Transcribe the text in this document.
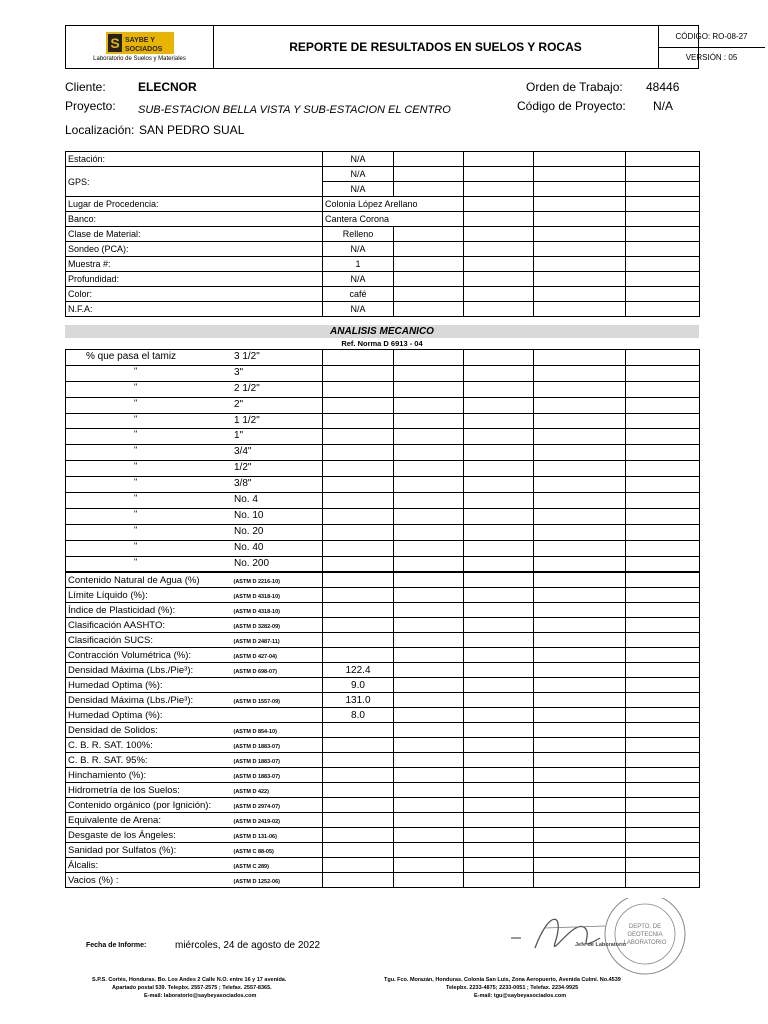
S SAYBE Y
SOCIADOS
Laboratorio de Suelos y Materiales
REPORTE DE RESULTADOS EN SUELOS Y ROCAS
CÓDIGO: RO-08-27
VERSIÓN : 05
Cliente:	ELECNOR
Proyecto: SUB-ESTACION BELLA VISTA Y SUB-ESTACION EL CENTRO
Localización: SAN PEDRO SUAL
Orden de Trabajo: 48446
Código de Proyecto: N/A
Estación:	N/A				
GPS:	N/A				
	N/A				
Lugar de Procedencia:	Colonia López Arellano				
Banco:	Cantera Corona				
Clase de Material:	Relleno				
Sondeo (PCA):	N/A				
Muestra #:	1				
Profundidad:	N/A				
Color:	café				
N.F.A:	N/A				
ANALISIS MECANICO
Ref. Norma D 6913 - 04
% que pasa el tamiz 3 1/2"					

" 3"					

" 2 1/2"					

" 2"					

" 1 1/2"					

" 1"					

" 3/4"					

" 1/2"					

" 3/8"					

" No. 4					

" No. 10					

" No. 20					

" No. 40					

" No. 200					

Contenido Natural de Agua (%)	(ASTM D 2216-10)					
Límite Líquido (%):	(ASTM D 4318-10)					
Índice de Plasticidad (%):	(ASTM D 4318-10)					
Clasificación AASHTO:	(ASTM D 3282-09)					
Clasificación SUCS:	(ASTM D 2487-11)					
Contracción Volumétrica (%):	(ASTM D 427-04)					
Densidad Máxima (Lbs./Pie³):	(ASTM D 698-07)	122.4				
Humedad Optima (%):		9.0				
Densidad Máxima (Lbs./Pie³):	(ASTM D 1557-09)	131.0				
Humedad Optima (%):		8.0				
Densidad de Solidos:	(ASTM D 854-10)					
C. B. R. SAT. 100%:	(ASTM D 1883-07)					
C. B. R. SAT. 95%:	(ASTM D 1883-07)					
Hinchamiento (%):	(ASTM D 1883-07)					
Hidrometría de los Suelos:	(ASTM D 422)					
Contenido orgánico (por Ignición):	(ASTM D 2974-07)					
Equivalente de Arena:	(ASTM D 2419-02)					
Desgaste de los Ángeles:	(ASTM D 131-06)					
Sanidad por Sulfatos (%):	(ASTM C 88-05)					
Álcalis:	(ASTM C 289)					
Vacios (%) :	(ASTM D 1252-06)					
Fecha de Informe:	miércoles, 24 de agosto de 2022
DEPTO. DE
GEOTECNIA
LABORATORIO
Jefe de Laboratorio
S.P.S. Cortés, Honduras. Bo. Los Andes 2 Calle N.O. entre 16 y 17 avenida.
Apartado postal 539. Telepbx. 2557-2575 ; Telefax. 2557-8365.
E-mail: laboratorio@saybeyasociados.com
Tgu. Fco. Morazán, Honduras. Colonia San Luis, Zona Aeropuerto, Avenida Culmí. No.4539
Telepbx. 2233-4875; 2233-0051 ; Telefax. 2234-9925
E-mail: tgu@saybeyasociados.com
